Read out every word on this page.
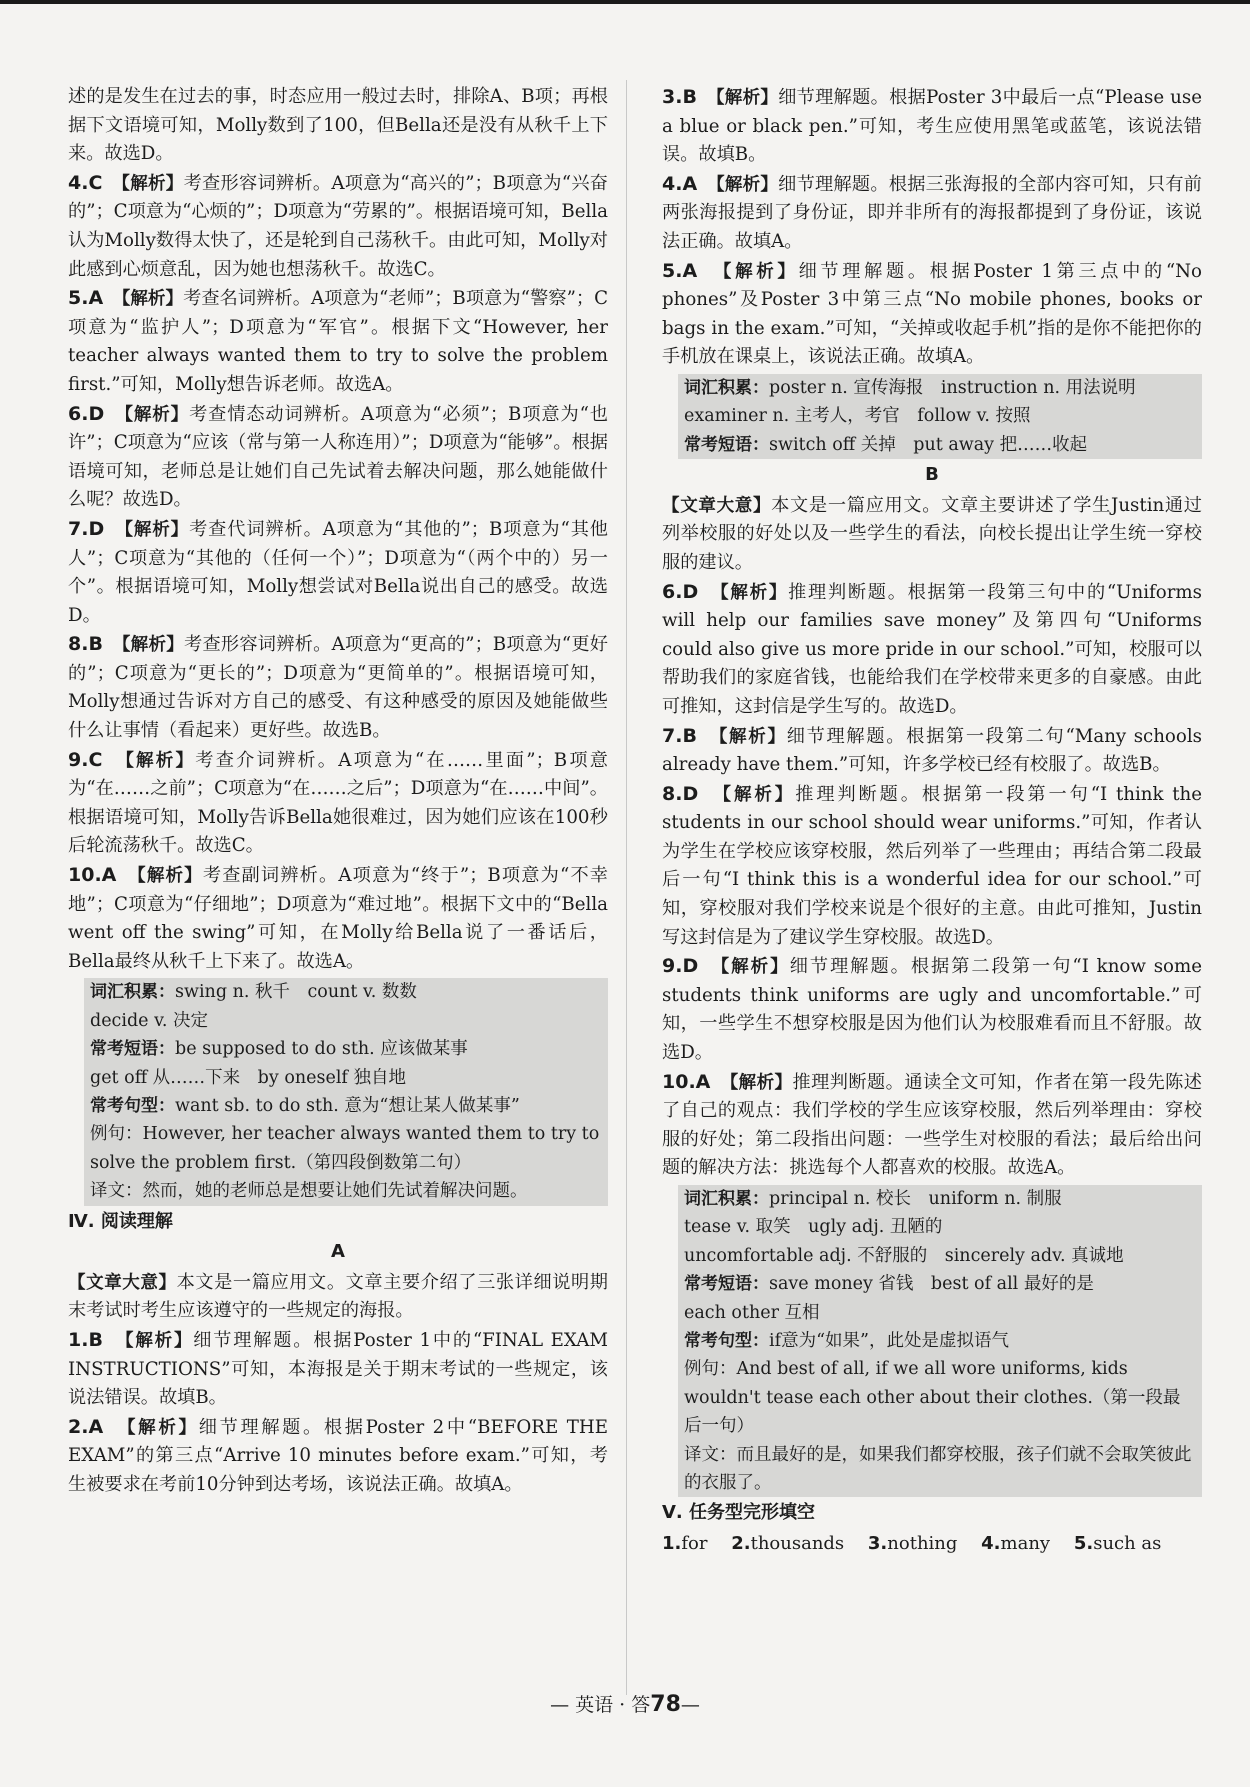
述的是发生在过去的事，时态应用一般过去时，排除A、B项；再根据下文语境可知，Molly数到了100，但Bella还是没有从秋千上下来。故选D。

4.C　 【解析】考查形容词辨析。A项意为“高兴的”；B项意为“兴奋的”；C项意为“心烦的”；D项意为“劳累的”。根据语境可知，Bella认为Molly数得太快了，还是轮到自己荡秋千。由此可知，Molly对此感到心烦意乱，因为她也想荡秋千。故选C。

5.A　 【解析】考查名词辨析。A项意为“老师”；B项意为“警察”；C项意为“监护人”；D项意为“军官”。根据下文“However, her teacher always wanted them to try to solve the problem first.”可知，Molly想告诉老师。故选A。

6.D　 【解析】考查情态动词辨析。A项意为“必须”；B项意为“也许”；C项意为“应该（常与第一人称连用）”；D项意为“能够”。根据语境可知，老师总是让她们自己先试着去解决问题，那么她能做什么呢？故选D。

7.D　 【解析】考查代词辨析。A项意为“其他的”；B项意为“其他人”；C项意为“其他的（任何一个）”；D项意为“（两个中的）另一个”。根据语境可知，Molly想尝试对Bella说出自己的感受。故选D。

8.B　 【解析】考查形容词辨析。A项意为“更高的”；B项意为“更好的”；C项意为“更长的”；D项意为“更简单的”。根据语境可知，Molly想通过告诉对方自己的感受、有这种感受的原因及她能做些什么让事情（看起来）更好些。故选B。

9.C　 【解析】考查介词辨析。A项意为“在……里面”；B项意为“在……之前”；C项意为“在……之后”；D项意为“在……中间”。根据语境可知，Molly告诉Bella她很难过，因为她们应该在100秒后轮流荡秋千。故选C。

10.A　 【解析】考查副词辨析。A项意为“终于”；B项意为“不幸地”；C项意为“仔细地”；D项意为“难过地”。根据下文中的“Bella went off the swing”可知，在Molly给Bella说了一番话后，Bella最终从秋千上下来了。故选A。

词汇积累：swing n. 秋千　count v. 数数

decide v. 决定

常考短语：be supposed to do sth. 应该做某事

get off 从……下来　by oneself 独自地

常考句型：want sb. to do sth. 意为“想让某人做某事”

例句：However, her teacher always wanted them to try to solve the problem first.（第四段倒数第二句）

译文：然而，她的老师总是想要让她们先试着解决问题。

Ⅳ. 阅读理解
A

【文章大意】本文是一篇应用文。文章主要介绍了三张详细说明期末考试时考生应该遵守的一些规定的海报。

1.B　 【解析】细节理解题。根据Poster 1中的“FINAL EXAM INSTRUCTIONS”可知，本海报是关于期末考试的一些规定，该说法错误。故填B。

2.A　 【解析】细节理解题。根据Poster 2中“BEFORE THE EXAM”的第三点“Arrive 10 minutes before exam.”可知，考生被要求在考前10分钟到达考场，该说法正确。故填A。

3.B　 【解析】细节理解题。根据Poster 3中最后一点“Please use a blue or black pen.”可知，考生应使用黑笔或蓝笔，该说法错误。故填B。

4.A　 【解析】细节理解题。根据三张海报的全部内容可知，只有前两张海报提到了身份证，即并非所有的海报都提到了身份证，该说法正确。故填A。

5.A　 【解析】细节理解题。根据Poster 1第三点中的“No phones”及Poster 3中第三点“No mobile phones, books or bags in the exam.”可知，“关掉或收起手机”指的是你不能把你的手机放在课桌上，该说法正确。故填A。

词汇积累：poster n. 宣传海报　instruction n. 用法说明

examiner n. 主考人，考官　follow v. 按照

常考短语：switch off 关掉　put away 把……收起

B

【文章大意】本文是一篇应用文。文章主要讲述了学生Justin通过列举校服的好处以及一些学生的看法，向校长提出让学生统一穿校服的建议。

6.D　 【解析】推理判断题。根据第一段第三句中的“Uniforms will help our families save money”及第四句“Uniforms could also give us more pride in our school.”可知，校服可以帮助我们的家庭省钱，也能给我们在学校带来更多的自豪感。由此可推知，这封信是学生写的。故选D。

7.B　 【解析】细节理解题。根据第一段第二句“Many schools already have them.”可知，许多学校已经有校服了。故选B。

8.D　 【解析】推理判断题。根据第一段第一句“I think the students in our school should wear uniforms.”可知，作者认为学生在学校应该穿校服，然后列举了一些理由；再结合第二段最后一句“I think this is a wonderful idea for our school.”可知，穿校服对我们学校来说是个很好的主意。由此可推知，Justin写这封信是为了建议学生穿校服。故选D。

9.D　 【解析】细节理解题。根据第二段第一句“I know some students think uniforms are ugly and uncomfortable.”可知，一些学生不想穿校服是因为他们认为校服难看而且不舒服。故选D。

10.A　 【解析】推理判断题。通读全文可知，作者在第一段先陈述了自己的观点：我们学校的学生应该穿校服，然后列举理由：穿校服的好处；第二段指出问题：一些学生对校服的看法；最后给出问题的解决方法：挑选每个人都喜欢的校服。故选A。

词汇积累：principal n. 校长　uniform n. 制服

tease v. 取笑　ugly adj. 丑陋的

uncomfortable adj. 不舒服的　sincerely adv. 真诚地

常考短语：save money 省钱　best of all 最好的是

each other 互相

常考句型：if意为“如果”，此处是虚拟语气

例句：And best of all, if we all wore uniforms, kids wouldn't tease each other about their clothes.（第一段最后一句）

译文：而且最好的是，如果我们都穿校服，孩子们就不会取笑彼此的衣服了。

Ⅴ. 任务型完形填空

1.for　 2.thousands　 3.nothing　 4.many　 5.such as

— 英语 · 答78—
